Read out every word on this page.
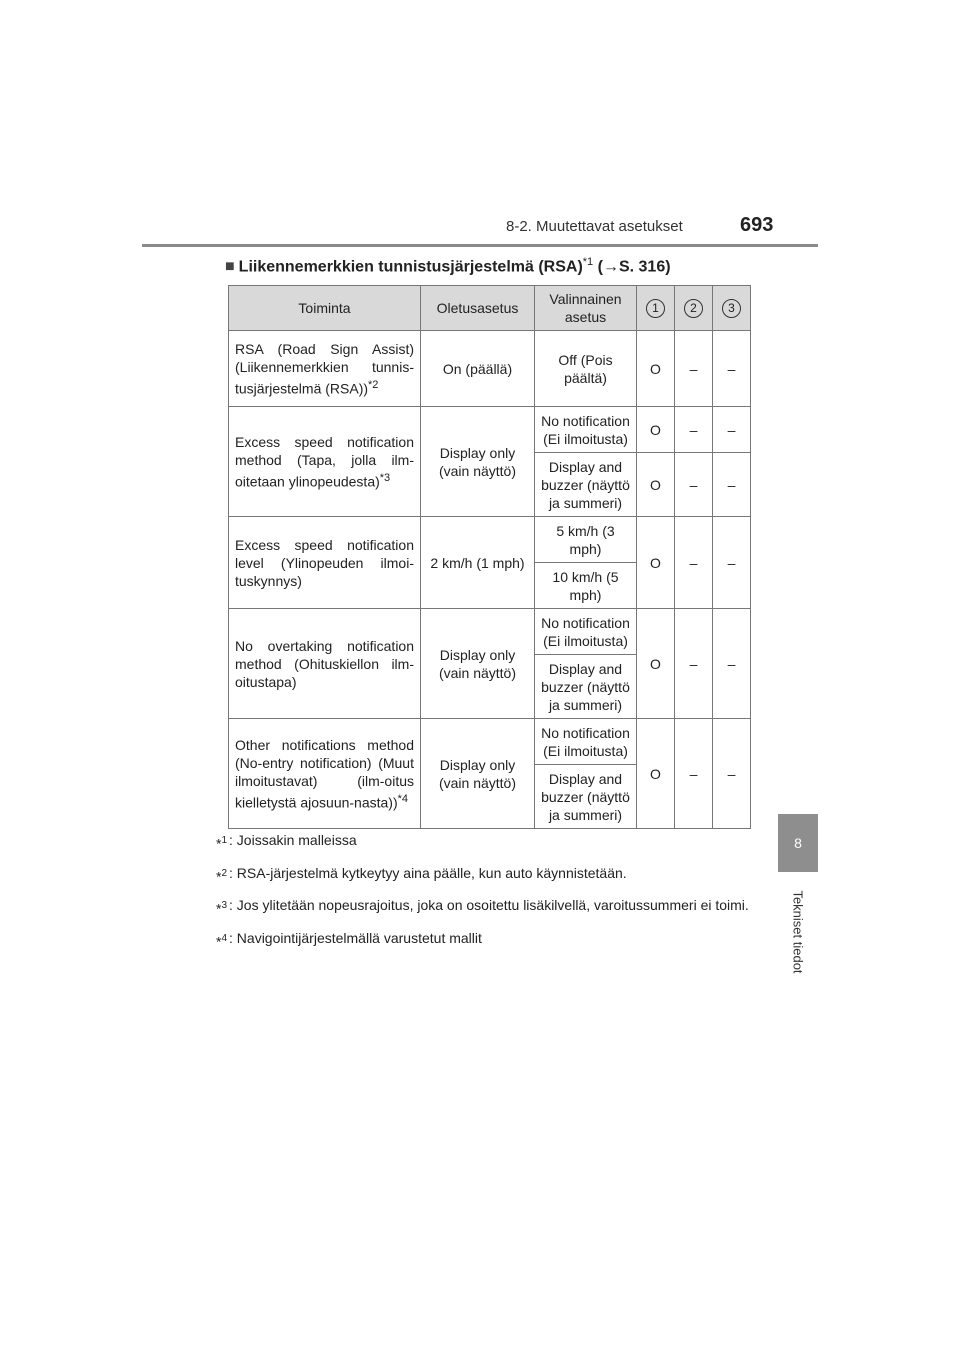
8-2. Muutettavat asetukset	693
8
Tekniset tiedot
■ Liikennemerkkien tunnistusjärjestelmä (RSA)$^{*1}$ (→S. 316)
Toiminta	Oletusasetus	Valinnainen asetus	1	2	3
RSA (Road Sign Assist) (Liikennemerkkien tunnis-tusjärjestelmä (RSA))$^{*2}$	On (päällä)	Off (Pois päältä)	O	–	–
Excess speed notification method (Tapa, jolla ilm-oitetaan ylinopeudesta)$^{*3}$	Display only (vain näyttö)	No notification (Ei ilmoitusta)	O	–	–
		Display and buzzer (näyttö ja summeri)	O	–	–
Excess speed notification level (Ylinopeuden ilmoi-tuskynnys)	2 km/h (1 mph)	5 km/h (3 mph)	O	–	–
		10 km/h (5 mph)			
No overtaking notification method (Ohituskiellon ilm-oitustapa)	Display only (vain näyttö)	No notification (Ei ilmoitusta)	O	–	–
		Display and buzzer (näyttö ja summeri)			
Other notifications method (No-entry notification) (Muut ilmoitustavat) (ilm-oitus kielletystä ajosuun-nasta))$^{*4}$	Display only (vain näyttö)	No notification (Ei ilmoitusta)	O	–	–
		Display and buzzer (näyttö ja summeri)			
*$^1$ : Joissakin malleissa
*$^2$ : RSA-järjestelmä kytkeytyy aina päälle, kun auto käynnistetään.
*$^3$ : Jos ylitetään nopeusrajoitus, joka on osoitettu lisäkilvellä, varoitussummeri ei toimi.
*$^4$ : Navigointijärjestelmällä varustetut mallit
